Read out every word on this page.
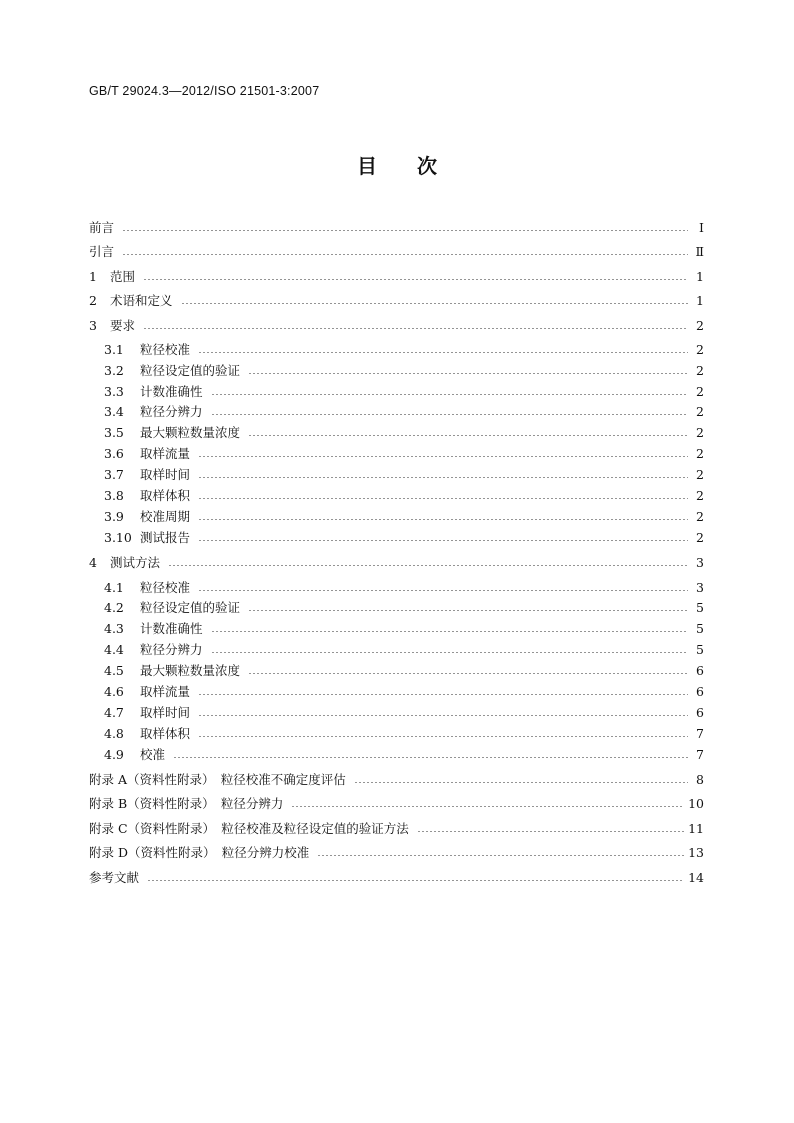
GB/T 29024.3—2012/ISO 21501-3:2007
目　　次
前言	Ⅰ
引言	Ⅱ
1	范围	1
2	术语和定义	1
3	要求	2
3.1	粒径校准	2
3.2	粒径设定值的验证	2
3.3	计数准确性	2
3.4	粒径分辨力	2
3.5	最大颗粒数量浓度	2
3.6	取样流量	2
3.7	取样时间	2
3.8	取样体积	2
3.9	校准周期	2
3.10 测试报告	2
4	测试方法	3
4.1	粒径校准	3
4.2	粒径设定值的验证	5
4.3	计数准确性	5
4.4	粒径分辨力	5
4.5	最大颗粒数量浓度	6
4.6	取样流量	6
4.7	取样时间	6
4.8	取样体积	7
4.9	校准	7
附录 A（资料性附录）　粒径校准不确定度评估	8
附录 B（资料性附录）　粒径分辨力	10
附录 C（资料性附录）　粒径校准及粒径设定值的验证方法	11
附录 D（资料性附录）　粒径分辨力校准	13
参考文献	14
